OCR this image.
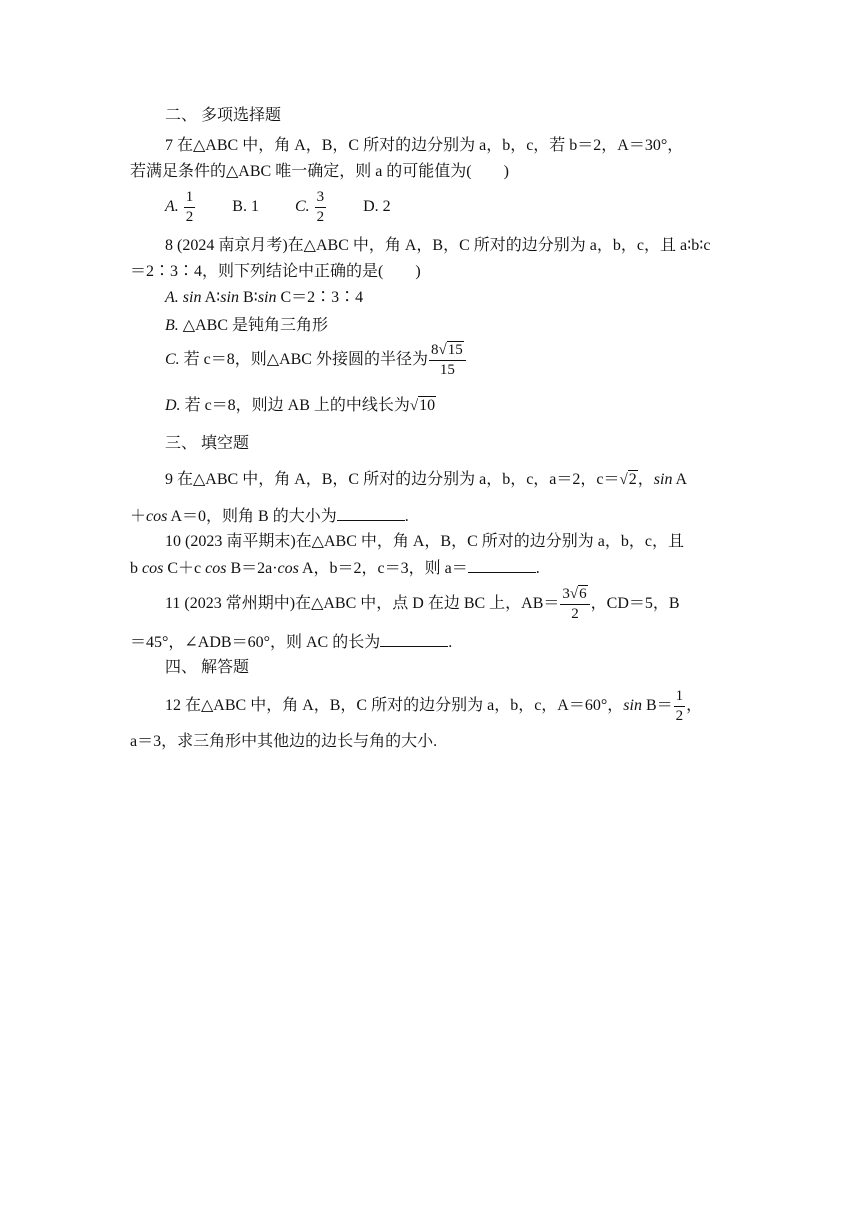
二、 多项选择题
7 在△ABC 中，角 A，B，C 所对的边分别为 a，b，c，若 b＝2，A＝30°，
若满足条件的△ABC 唯一确定，则 a 的可能值为(　　)
A. $\frac{1}{2} B$. 1 C. $\frac{3}{2} D$. 2
8 (2024 南京月考)在△ABC 中，角 A，B，C 所对的边分别为 a，b，c，且 a∶b∶c
＝2∶3∶4，则下列结论中正确的是(　　)
A. sin A∶sin B∶sin C＝2∶3∶4
B. △ABC 是钝角三角形
C. 若 c＝8，则△ABC 外接圆的半径为 $\frac{8√15}{15}$
D. 若 c＝8，则边 AB 上的中线长为√10
三、 填空题
9 在△ABC 中，角 A，B，C 所对的边分别为 a，b，c，a＝2，c＝√2，sin A
＋cos A＝0，则角 B 的大小为	.
10 (2023 南平期末)在△ABC 中，角 A，B，C 所对的边分别为 a，b，c，且
b cos C＋c cos B＝2a·cos A，b＝2，c＝3，则 a＝	.
11 (2023 常州期中)在△ABC 中，点 D 在边 BC 上，$AB= \frac{3√6}{2}$ ，CD＝5，B
＝45°，∠ADB＝60°，则 AC 的长为	.
四、 解答题
12 在△ABC 中，角 A，B，C 所对的边分别为 a，b，c，A＝60°，$\sin B= \frac{1}{2}$ ，
a＝3，求三角形中其他边的边长与角的大小.
